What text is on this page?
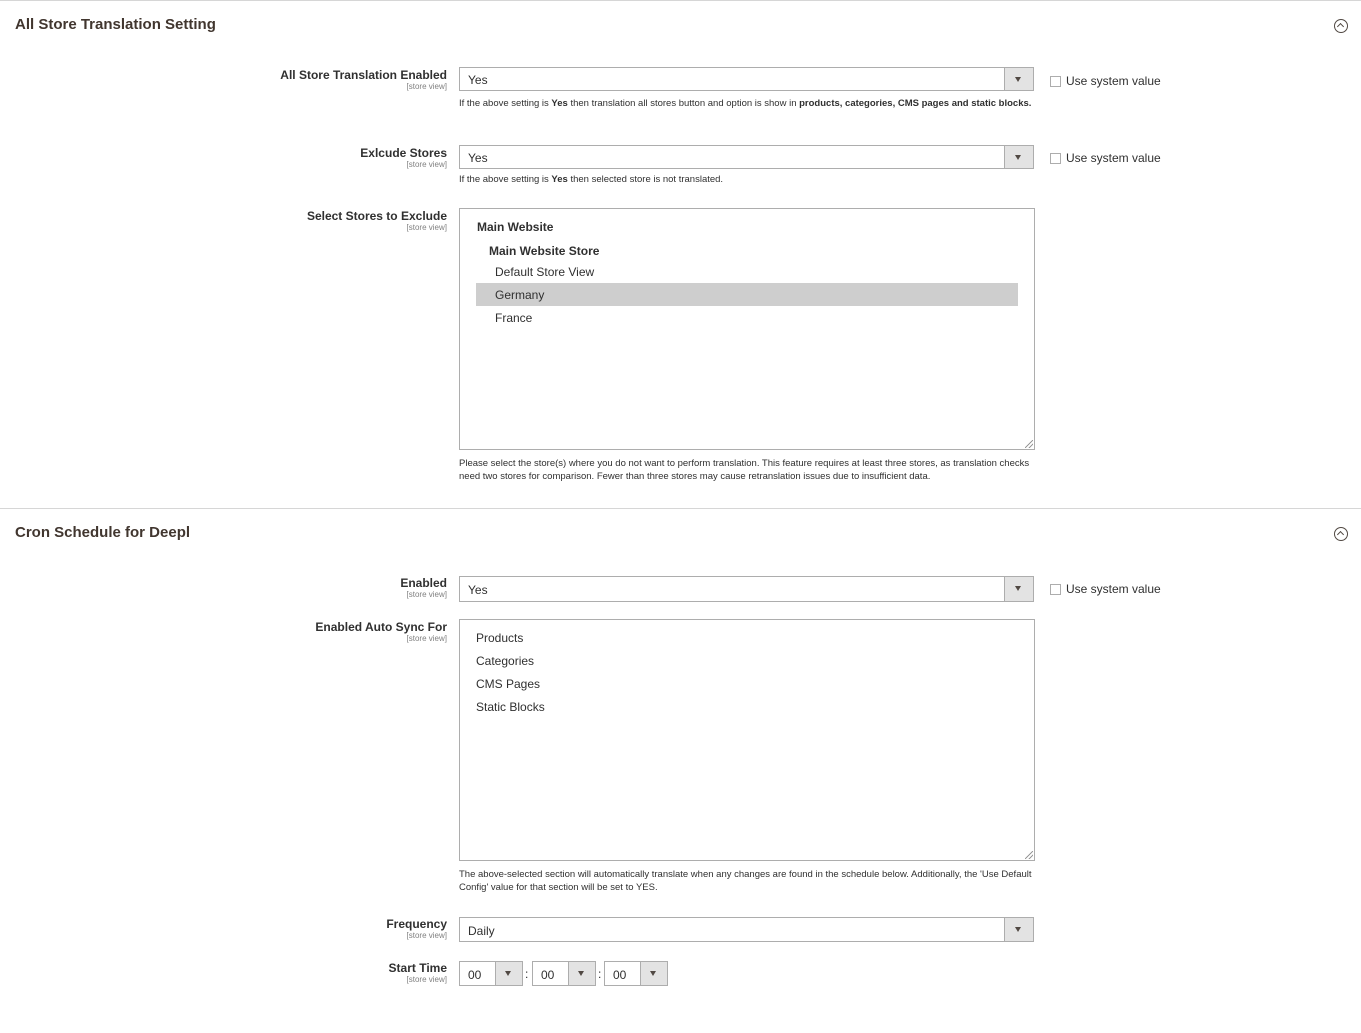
All Store Translation Setting
All Store Translation Enabled
[store view] Yes	Use system value
If the above setting is Yes then translation all stores button and option is show in products, categories, CMS pages and static blocks.
Exlcude Stores
[store view] Yes	Use system value
If the above setting is Yes then selected store is not translated.
Select Stores to Exclude
[store view]	Main Website
Main Website Store
Default Store View
Germany
France
Please select the store(s) where you do not want to perform translation. This feature requires at least three stores, as translation checks need two stores for comparison. Fewer than three stores may cause retranslation issues due to insufficient data.
Cron Schedule for Deepl
Enabled
[store view] Yes	Use system value
Enabled Auto Sync For
[store view] Products
Categories
CMS Pages
Static Blocks
The above-selected section will automatically translate when any changes are found in the schedule below. Additionally, the 'Use Default Config' value for that section will be set to YES.
Frequency
[store view] Daily
Start Time
[store view] 00	: 00	: 00
